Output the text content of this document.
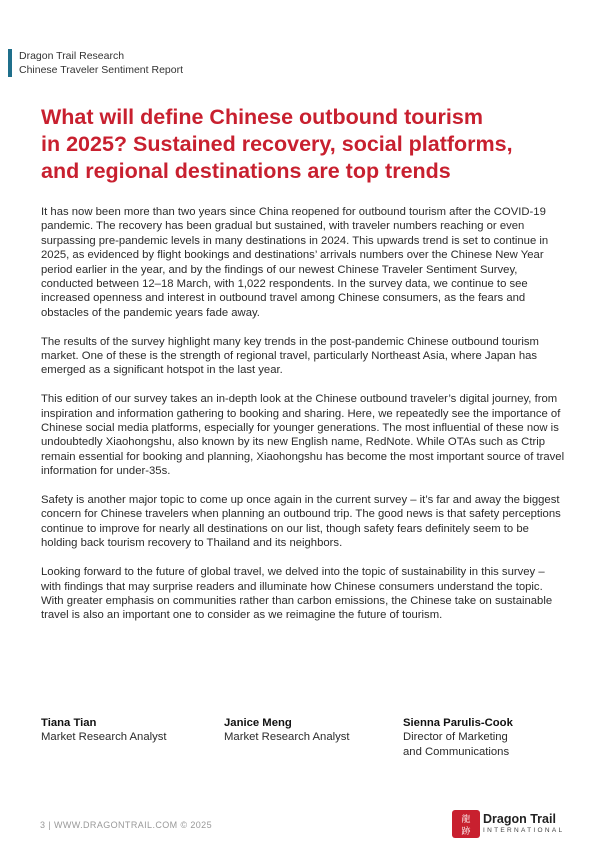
Dragon Trail Research
Chinese Traveler Sentiment Report
What will define Chinese outbound tourism
in 2025? Sustained recovery, social platforms,
and regional destinations are top trends

It has now been more than two years since China reopened for outbound tourism after the COVID-19 pandemic. The recovery has been gradual but sustained, with traveler numbers reaching or even surpassing pre-pandemic levels in many destinations in 2024. This upwards trend is set to continue in 2025, as evidenced by flight bookings and destinations’ arrivals numbers over the Chinese New Year period earlier in the year, and by the findings of our newest Chinese Traveler Sentiment Survey, conducted between 12–18 March, with 1,022 respondents. In the survey data, we continue to see increased openness and interest in outbound travel among Chinese consumers, as the fears and obstacles of the pandemic years fade away.

The results of the survey highlight many key trends in the post-pandemic Chinese outbound tourism market. One of these is the strength of regional travel, particularly Northeast Asia, where Japan has emerged as a significant hotspot in the last year.

This edition of our survey takes an in-depth look at the Chinese outbound traveler’s digital journey, from inspiration and information gathering to booking and sharing. Here, we repeatedly see the importance of Chinese social media platforms, especially for younger generations. The most influential of these now is undoubtedly Xiaohongshu, also known by its new English name, RedNote. While OTAs such as Ctrip remain essential for booking and planning, Xiaohongshu has become the most important source of travel information for under-35s.

Safety is another major topic to come up once again in the current survey – it’s far and away the biggest concern for Chinese travelers when planning an outbound trip. The good news is that safety perceptions continue to improve for nearly all destinations on our list, though safety fears definitely seem to be holding back tourism recovery to Thailand and its neighbors.

Looking forward to the future of global travel, we delved into the topic of sustainability in this survey – with findings that may surprise readers and illuminate how Chinese consumers understand the topic. With greater emphasis on communities rather than carbon emissions, the Chinese take on sustainable travel is also an important one to consider as we reimagine the future of tourism.

Tiana Tian
Market Research Analyst
Janice Meng
Market Research Analyst
Sienna Parulis-Cook
Director of Marketing
and Communications
3 | WWW.DRAGONTRAIL.COM © 2025	龍
跡
Dragon Trail
INTERNATIONAL
